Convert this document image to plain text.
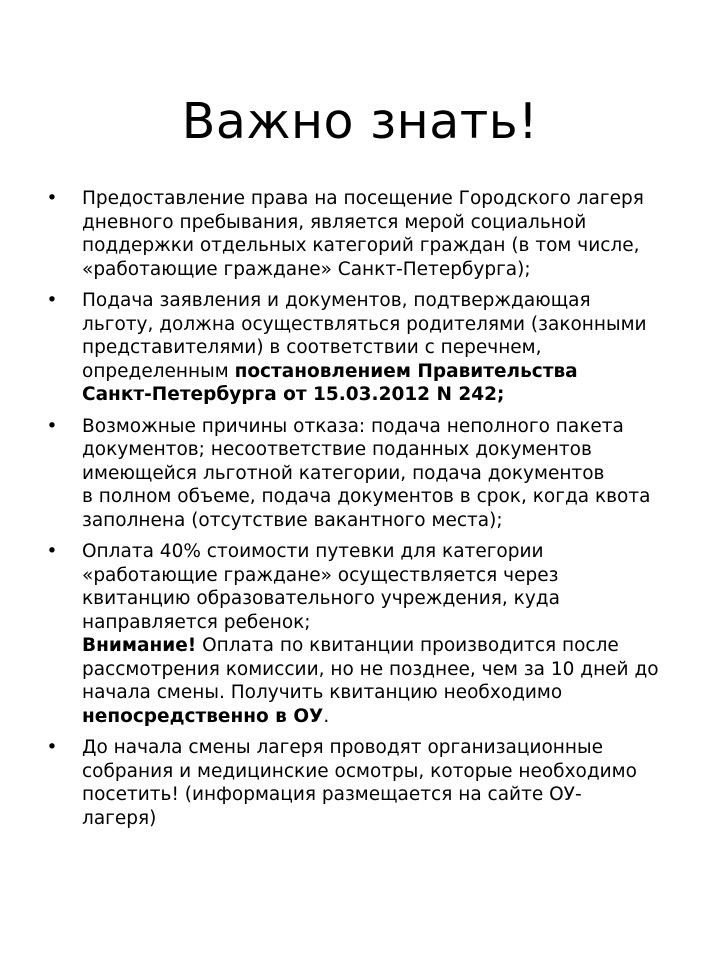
Важно знать!
• Предоставление права на посещение Городского лагеря
дневного пребывания, является мерой социальной
поддержки отдельных категорий граждан (в том числе,
«работающие граждане» Санкт-Петербурга);
• Подача заявления и документов, подтверждающая
льготу, должна осуществляться родителями (законными
представителями) в соответствии с перечнем,
определенным постановлением Правительства
Санкт-Петербурга от 15.03.2012 N 242;
• Возможные причины отказа: подача неполного пакета
документов; несоответствие поданных документов
имеющейся льготной категории, подача документов
в полном объеме, подача документов в срок, когда квота
заполнена (отсутствие вакантного места);
• Оплата 40% стоимости путевки для категории
«работающие граждане» осуществляется через
квитанцию образовательного учреждения, куда
направляется ребенок;
Внимание! Оплата по квитанции производится после
рассмотрения комиссии, но не позднее, чем за 10 дней до
начала смены. Получить квитанцию необходимо
непосредственно в ОУ.
• До начала смены лагеря проводят организационные
собрания и медицинские осмотры, которые необходимо
посетить! (информация размещается на сайте ОУ-
лагеря)
